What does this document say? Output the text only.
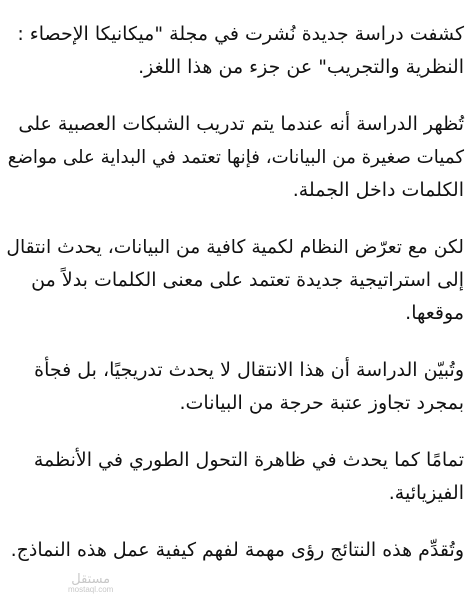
كشفت دراسة جديدة نُشرت في مجلة "ميكانيكا الإحصاء :
النظرية والتجريب" عن جزء من هذا اللغز.

تُظهر الدراسة أنه عندما يتم تدريب الشبكات العصبية على
كميات صغيرة من البيانات، فإنها تعتمد في البداية على مواضع
الكلمات داخل الجملة.

لكن مع تعرّض النظام لكمية كافية من البيانات، يحدث انتقال
إلى استراتيجية جديدة تعتمد على معنى الكلمات بدلاً من
موقعها.

وتُبيّن الدراسة أن هذا الانتقال لا يحدث تدريجيًا، بل فجأة
بمجرد تجاوز عتبة حرجة من البيانات.

تمامًا كما يحدث في ظاهرة التحول الطوري في الأنظمة
الفيزيائية.

وتُقدِّم هذه النتائج رؤى مهمة لفهم كيفية عمل هذه النماذج.

مستقل
mostaql.com
